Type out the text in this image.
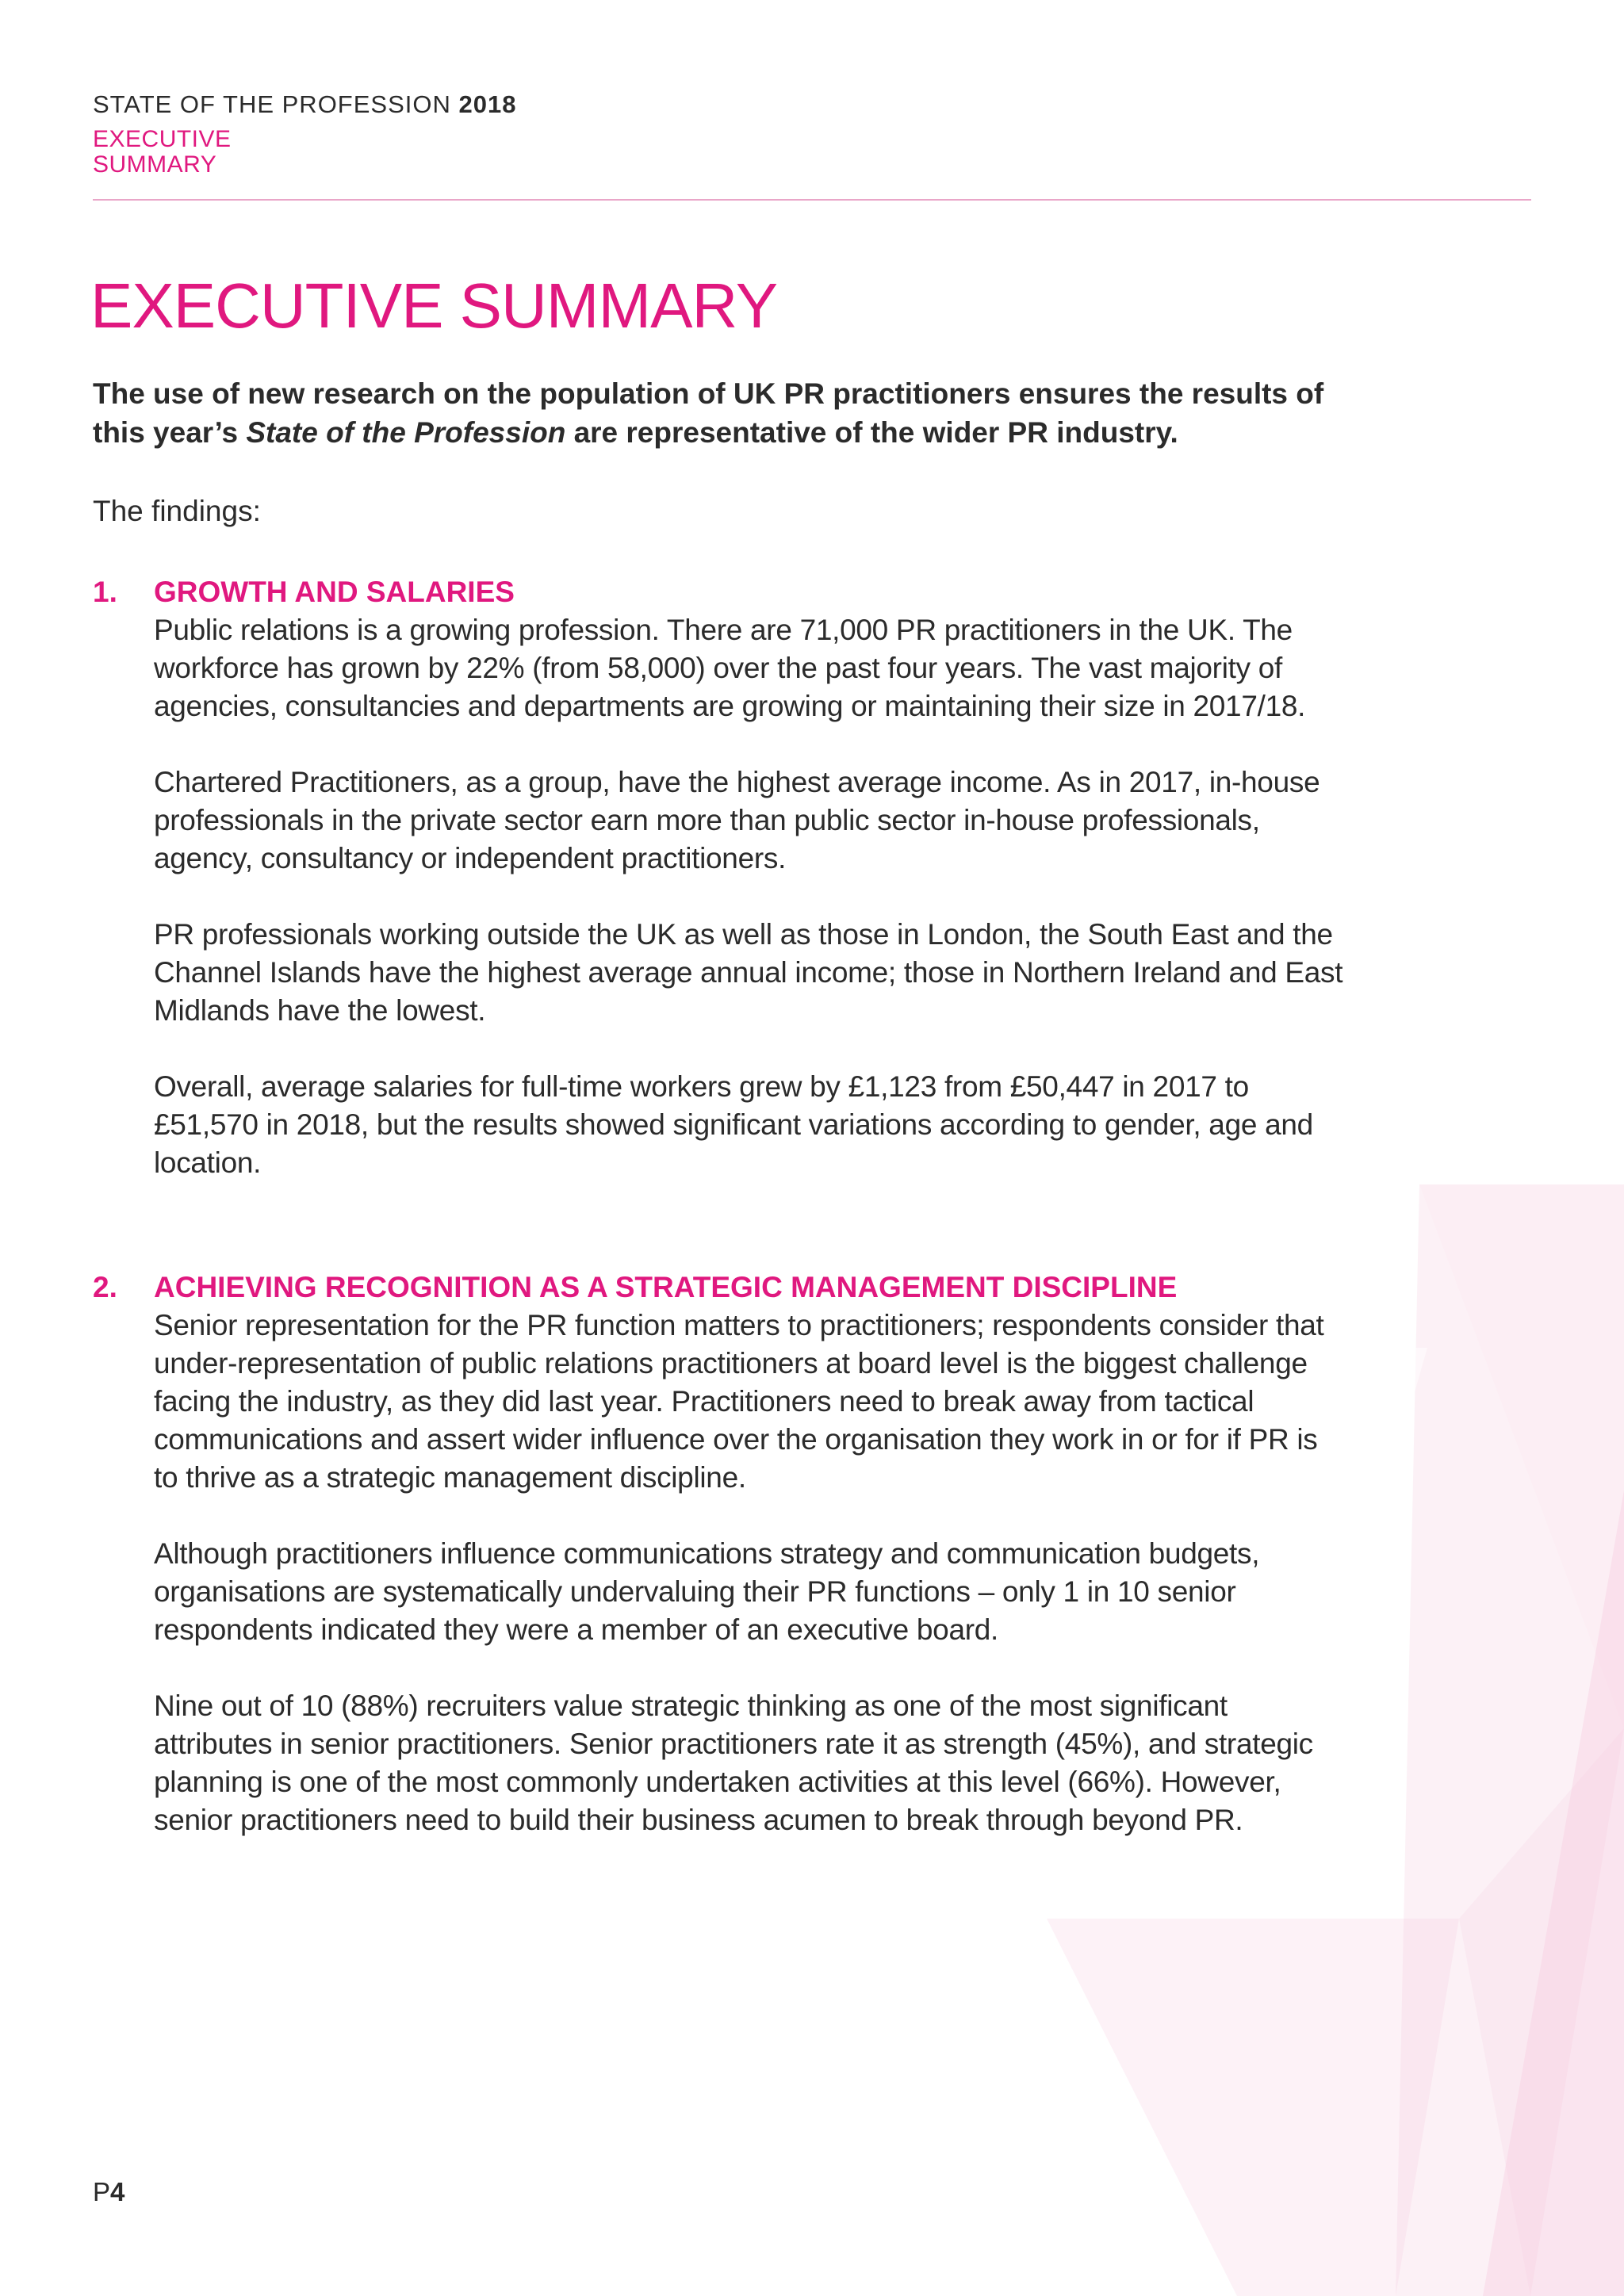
STATE OF THE PROFESSION 2018
EXECUTIVE
SUMMARY
EXECUTIVE SUMMARY

The use of new research on the population of UK PR practitioners ensures the results of this year’s State of the Profession are representative of the wider PR industry.

The findings:

1. GROWTH AND SALARIES

Public relations is a growing profession. There are 71,000 PR practitioners in the UK. The workforce has grown by 22% (from 58,000) over the past four years. The vast majority of agencies, consultancies and departments are growing or maintaining their size in 2017/18.

Chartered Practitioners, as a group, have the highest average income. As in 2017, in-house professionals in the private sector earn more than public sector in-house professionals, agency, consultancy or independent practitioners.

PR professionals working outside the UK as well as those in London, the South East and the Channel Islands have the highest average annual income; those in Northern Ireland and East Midlands have the lowest.

Overall, average salaries for full-time workers grew by £1,123 from £50,447 in 2017 to £51,570 in 2018, but the results showed significant variations according to gender, age and location.

2. ACHIEVING RECOGNITION AS A STRATEGIC MANAGEMENT DISCIPLINE

Senior representation for the PR function matters to practitioners; respondents consider that under-representation of public relations practitioners at board level is the biggest challenge facing the industry, as they did last year. Practitioners need to break away from tactical communications and assert wider influence over the organisation they work in or for if PR is to thrive as a strategic management discipline.

Although practitioners influence communications strategy and communication budgets, organisations are systematically undervaluing their PR functions – only 1 in 10 senior respondents indicated they were a member of an executive board.

Nine out of 10 (88%) recruiters value strategic thinking as one of the most significant attributes in senior practitioners. Senior practitioners rate it as strength (45%), and strategic planning is one of the most commonly undertaken activities at this level (66%). However, senior practitioners need to build their business acumen to break through beyond PR.

P4
